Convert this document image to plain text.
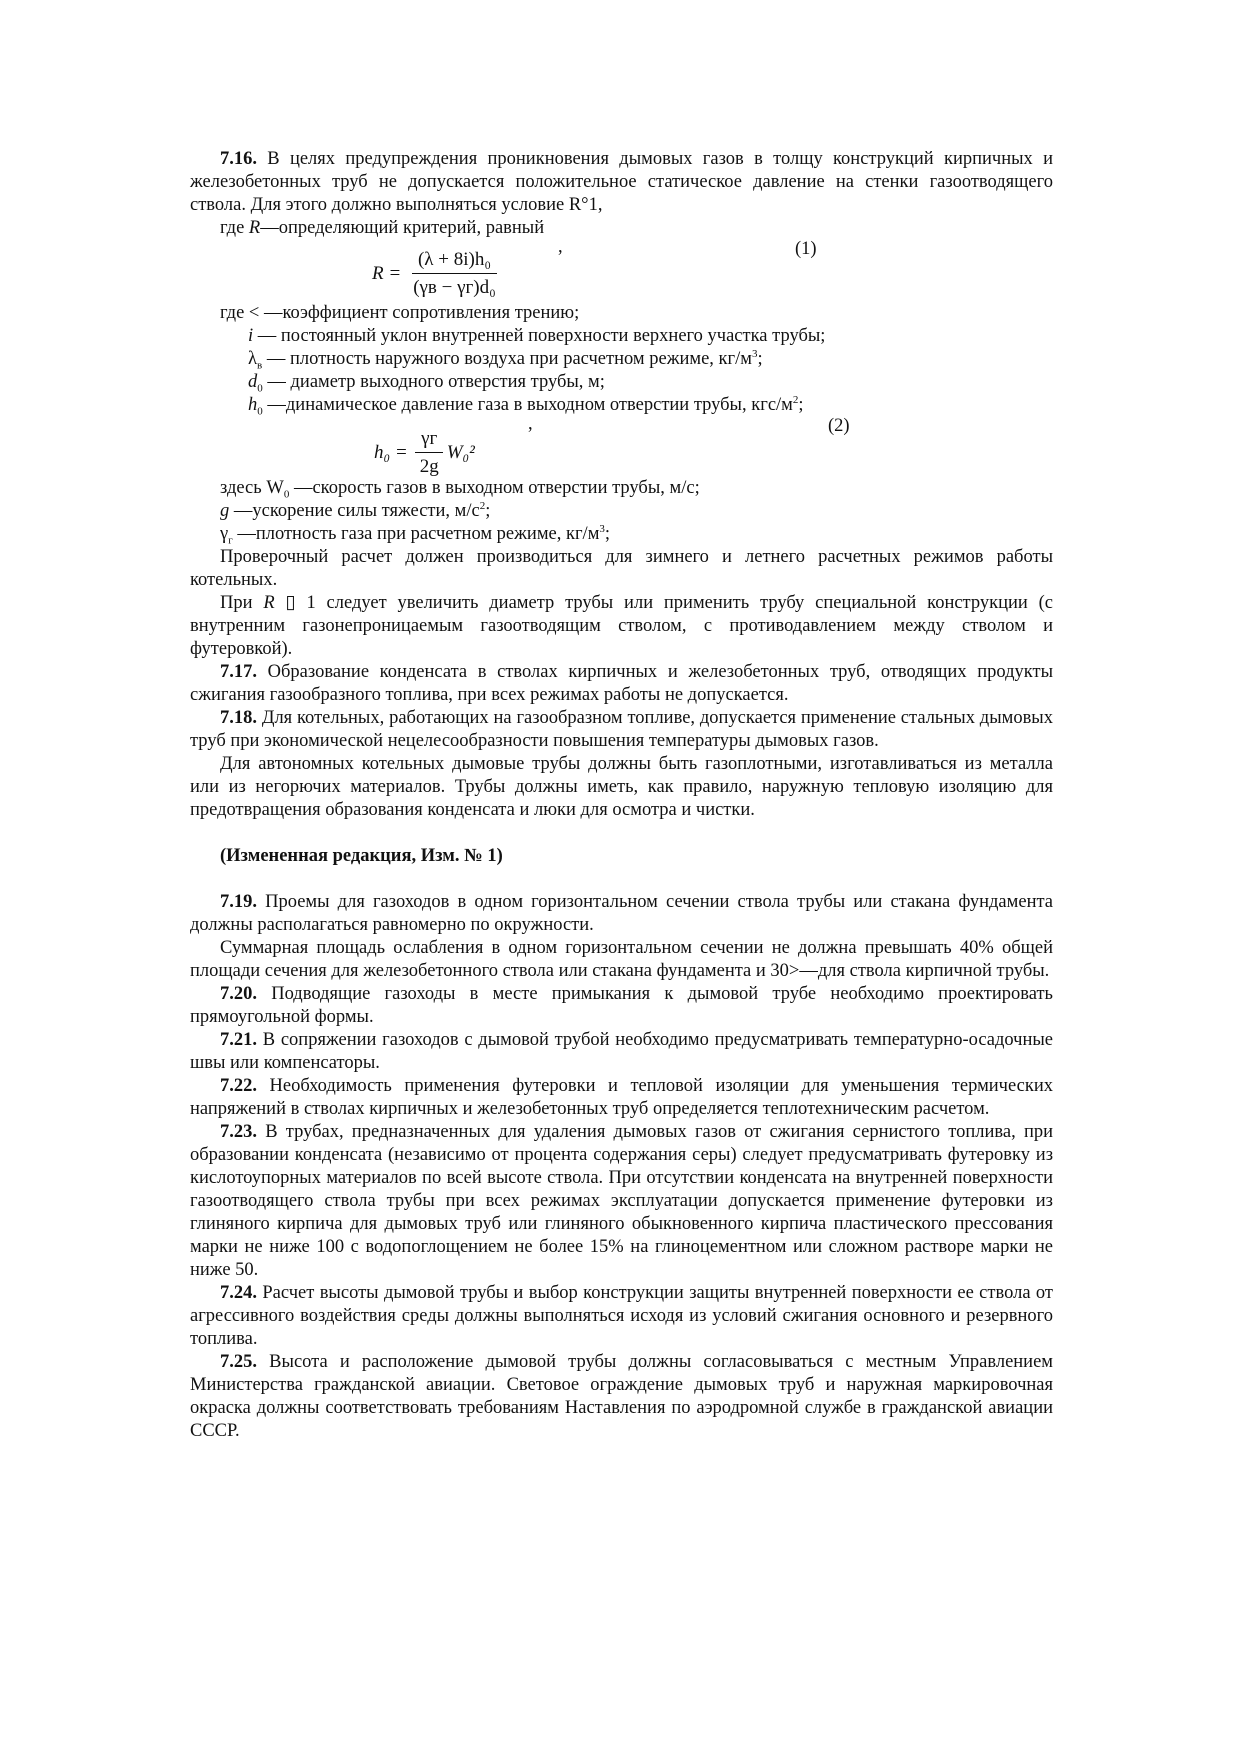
7.16. В целях предупреждения проникновения дымовых газов в толщу конструкций кирпичных и железобетонных труб не допускается положительное статическое давление на стенки газоотводящего ствола. Для этого должно выполняться условие R°1,

где R—определяющий критерий, равный

,	(1)
$R = \frac{\text{(λ + 8i)h₀}}{\text{(γв − γг)d₀}}$

где < —коэффициент сопротивления трению;

i — постоянный уклон внутренней поверхности верхнего участка трубы;

$\lambda_в$ — плотность наружного воздуха при расчетном режиме, $кг/м^3$;

$d_0$ — диаметр выходного отверстия трубы, м;

$h_0$ —динамическое давление газа в выходном отверстии трубы, кгс/$м^2$;

,	(2)
$h_0 = \frac{\gamma г}{2g} W_0^2$

здесь $W_0$ —скорость газов в выходном отверстии трубы, м/с;

g —ускорение силы тяжести, $м/с^2$;

$\gamma_г$ —плотность газа при расчетном режиме, $кг/м^3$;

Проверочный расчет должен производиться для зимнего и летнего расчетных режимов работы котельных.

При R ▯ 1 следует увеличить диаметр трубы или применить трубу специальной конструкции (с внутренним газонепроницаемым газоотводящим стволом, с противодавлением между стволом и футеровкой).

7.17. Образование конденсата в стволах кирпичных и железобетонных труб, отводящих продукты сжигания газообразного топлива, при всех режимах работы не допускается.

7.18. Для котельных, работающих на газообразном топливе, допускается применение стальных дымовых труб при экономической нецелесообразности повышения температуры дымовых газов.

Для автономных котельных дымовые трубы должны быть газоплотными, изготавливаться из металла или из негорючих материалов. Трубы должны иметь, как правило, наружную тепловую изоляцию для предотвращения образования конденсата и люки для осмотра и чистки.

(Измененная редакция, Изм. № 1)

7.19. Проемы для газоходов в одном горизонтальном сечении ствола трубы или стакана фундамента должны располагаться равномерно по окружности.

Суммарная площадь ослабления в одном горизонтальном сечении не должна превышать 40% общей площади сечения для железобетонного ствола или стакана фундамента и 30>—для ствола кирпичной трубы.

7.20. Подводящие газоходы в месте примыкания к дымовой трубе необходимо проектировать прямоугольной формы.

7.21. В сопряжении газоходов с дымовой трубой необходимо предусматривать температурно-осадочные швы или компенсаторы.

7.22. Необходимость применения футеровки и тепловой изоляции для уменьшения термических напряжений в стволах кирпичных и железобетонных труб определяется теплотехническим расчетом.

7.23. В трубах, предназначенных для удаления дымовых газов от сжигания сернистого топлива, при образовании конденсата (независимо от процента содержания серы) следует предусматривать футеровку из кислотоупорных материалов по всей высоте ствола. При отсутствии конденсата на внутренней поверхности газоотводящего ствола трубы при всех режимах эксплуатации допускается применение футеровки из глиняного кирпича для дымовых труб или глиняного обыкновенного кирпича пластического прессования марки не ниже 100 с водопоглощением не более 15% на глиноцементном или сложном растворе марки не ниже 50.

7.24. Расчет высоты дымовой трубы и выбор конструкции защиты внутренней поверхности ее ствола от агрессивного воздействия среды должны выполняться исходя из условий сжигания основного и резервного топлива.

7.25. Высота и расположение дымовой трубы должны согласовываться с местным Управлением Министерства гражданской авиации. Световое ограждение дымовых труб и наружная маркировочная окраска должны соответствовать требованиям Наставления по аэродромной службе в гражданской авиации СССР.
